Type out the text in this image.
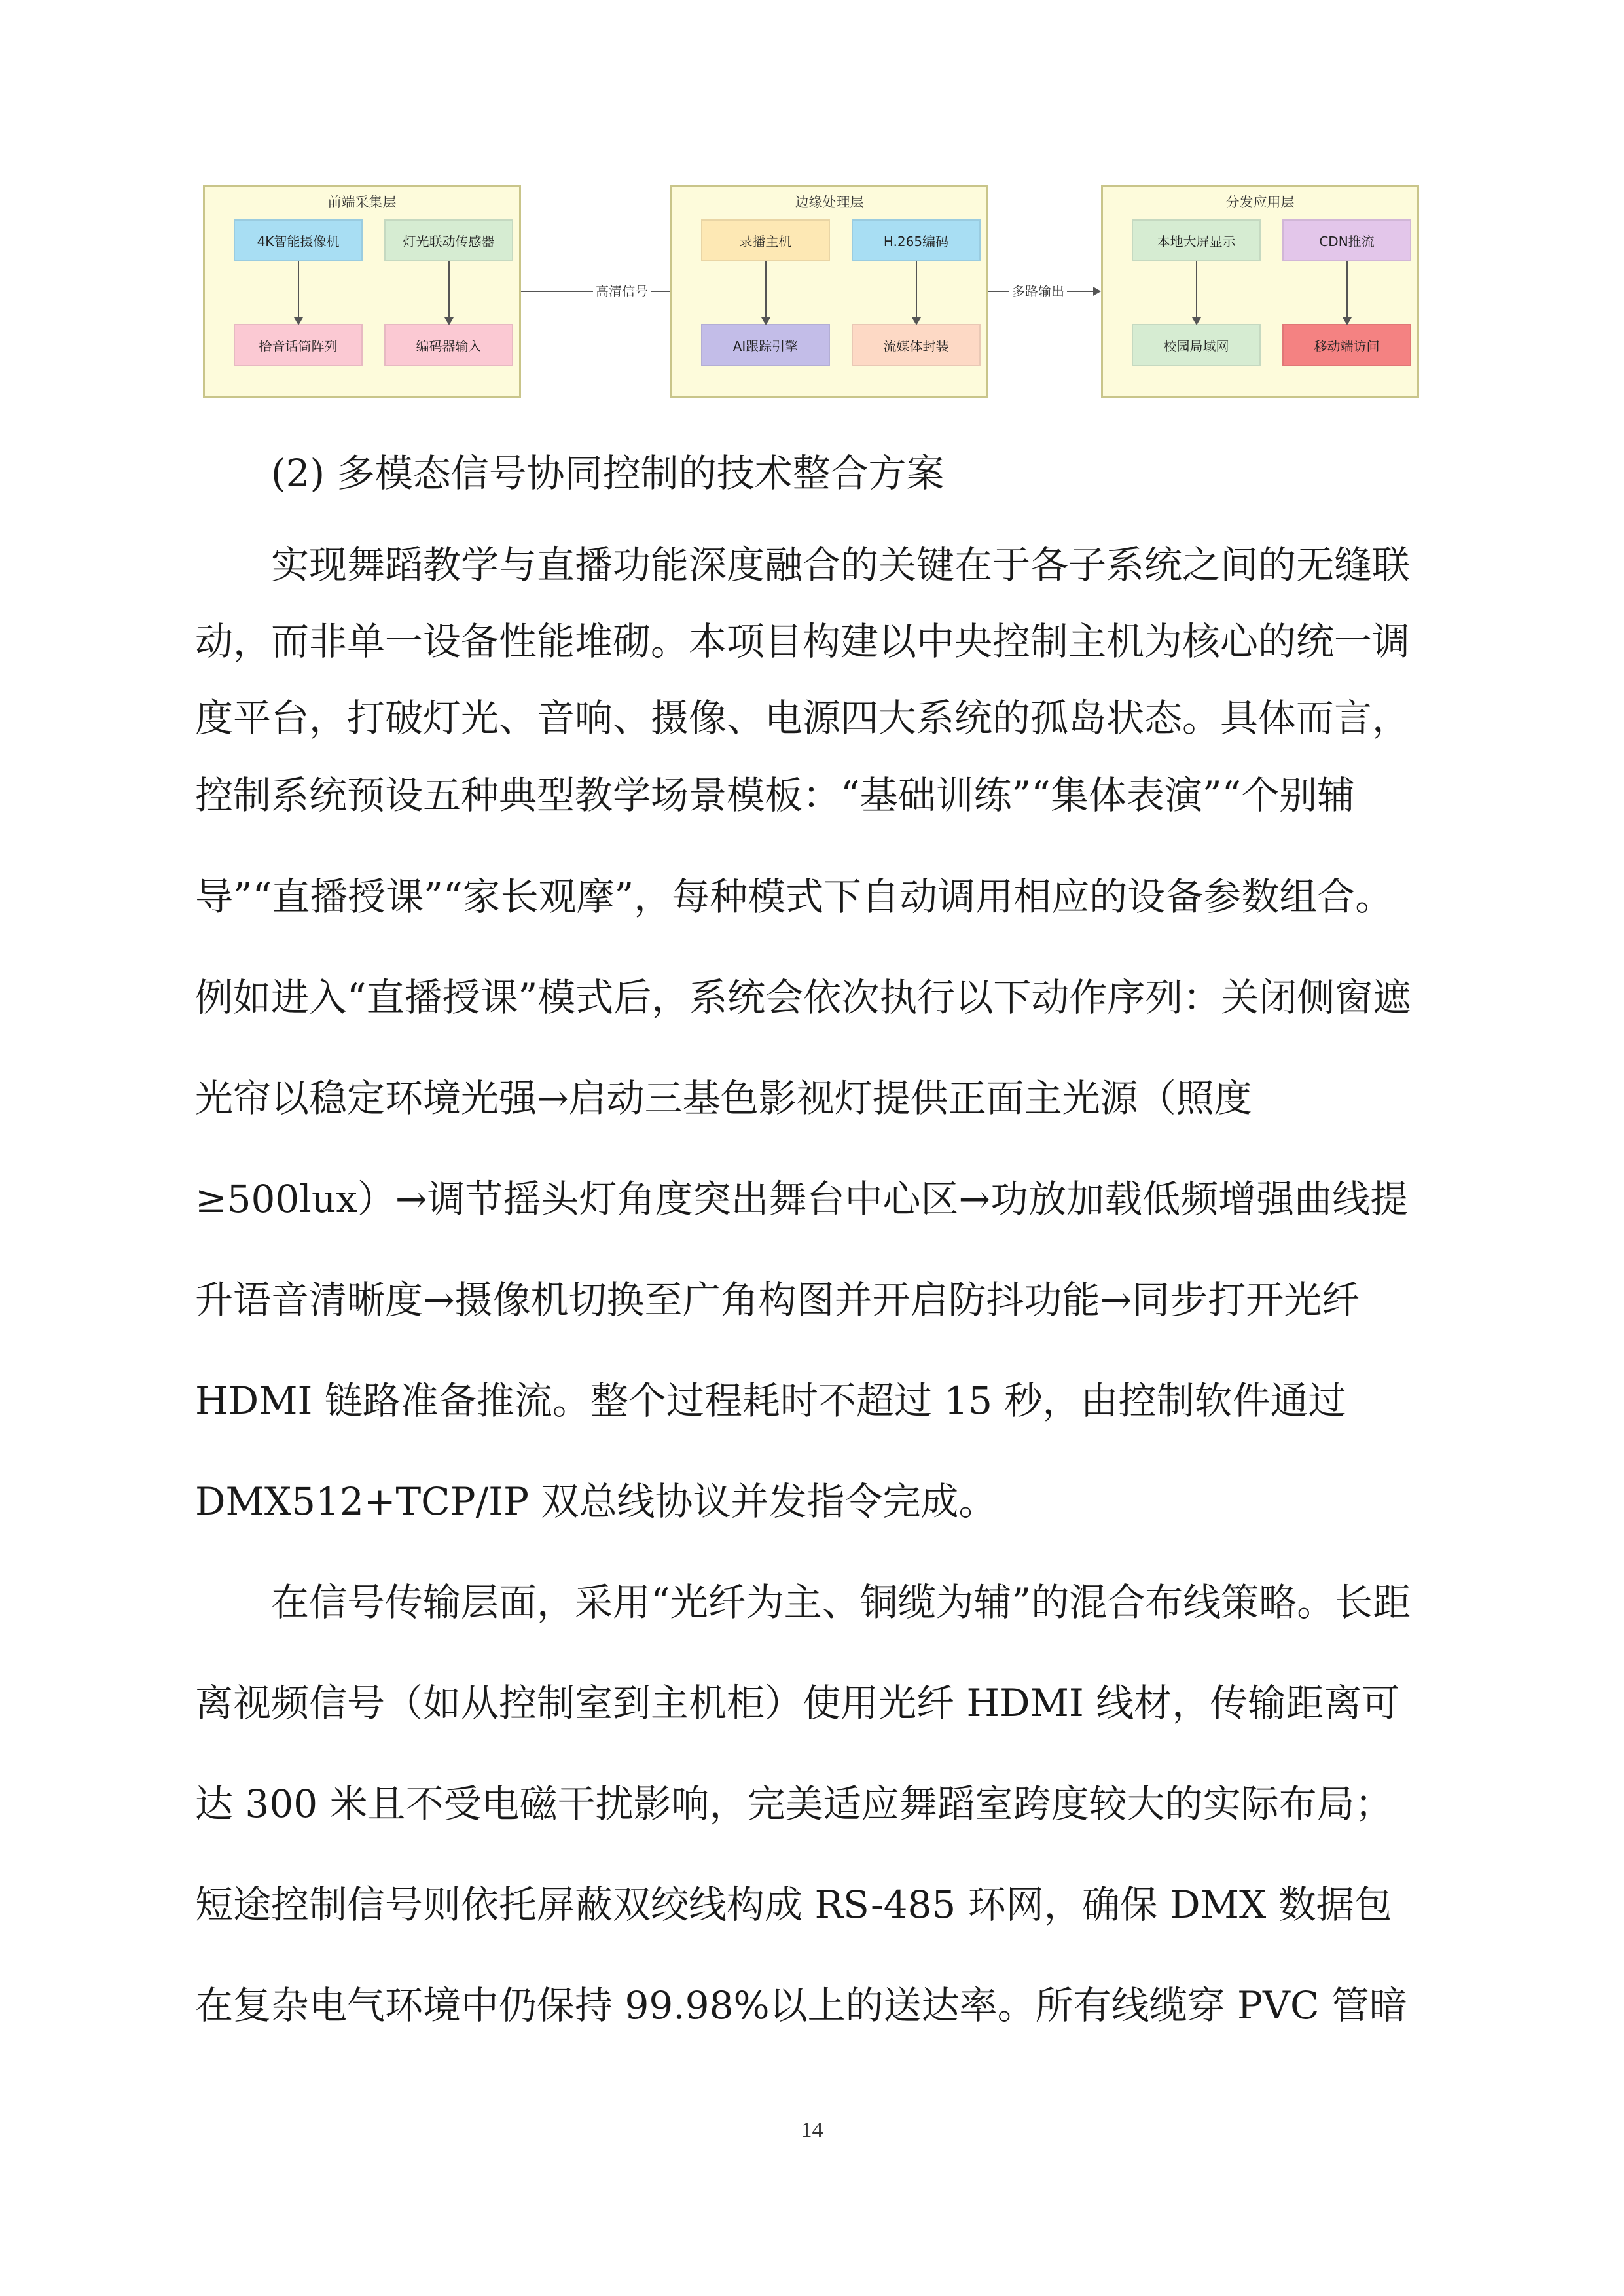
前端采集层
4K智能摄像机	灯光联动传感器
拾音话筒阵列	编码器输入
高清信号
边缘处理层
录播主机	H.265编码
AI跟踪引擎	流媒体封装
多路输出
分发应用层
本地大屏显示	CDN推流
校园局域网	移动端访问
(2) 多模态信号协同控制的技术整合方案
实现舞蹈教学与直播功能深度融合的关键在于各子系统之间的无缝联
动，而非单一设备性能堆砌。本项目构建以中央控制主机为核心的统一调
度平台，打破灯光、音响、摄像、电源四大系统的孤岛状态。具体而言，
控制系统预设五种典型教学场景模板：“基础训练”“集体表演”“个别辅
导”“直播授课”“家长观摩”，每种模式下自动调用相应的设备参数组合。
例如进入“直播授课”模式后，系统会依次执行以下动作序列：关闭侧窗遮
光帘以稳定环境光强→启动三基色影视灯提供正面主光源（照度
≥500lux）→调节摇头灯角度突出舞台中心区→功放加载低频增强曲线提
升语音清晰度→摄像机切换至广角构图并开启防抖功能→同步打开光纤
HDMI 链路准备推流。整个过程耗时不超过 15 秒，由控制软件通过
DMX512+TCP/IP 双总线协议并发指令完成。
在信号传输层面，采用“光纤为主、铜缆为辅”的混合布线策略。长距
离视频信号（如从控制室到主机柜）使用光纤 HDMI 线材，传输距离可
达 300 米且不受电磁干扰影响，完美适应舞蹈室跨度较大的实际布局；
短途控制信号则依托屏蔽双绞线构成 RS-485 环网，确保 DMX 数据包
在复杂电气环境中仍保持 99.98%以上的送达率。所有线缆穿 PVC 管暗
14
